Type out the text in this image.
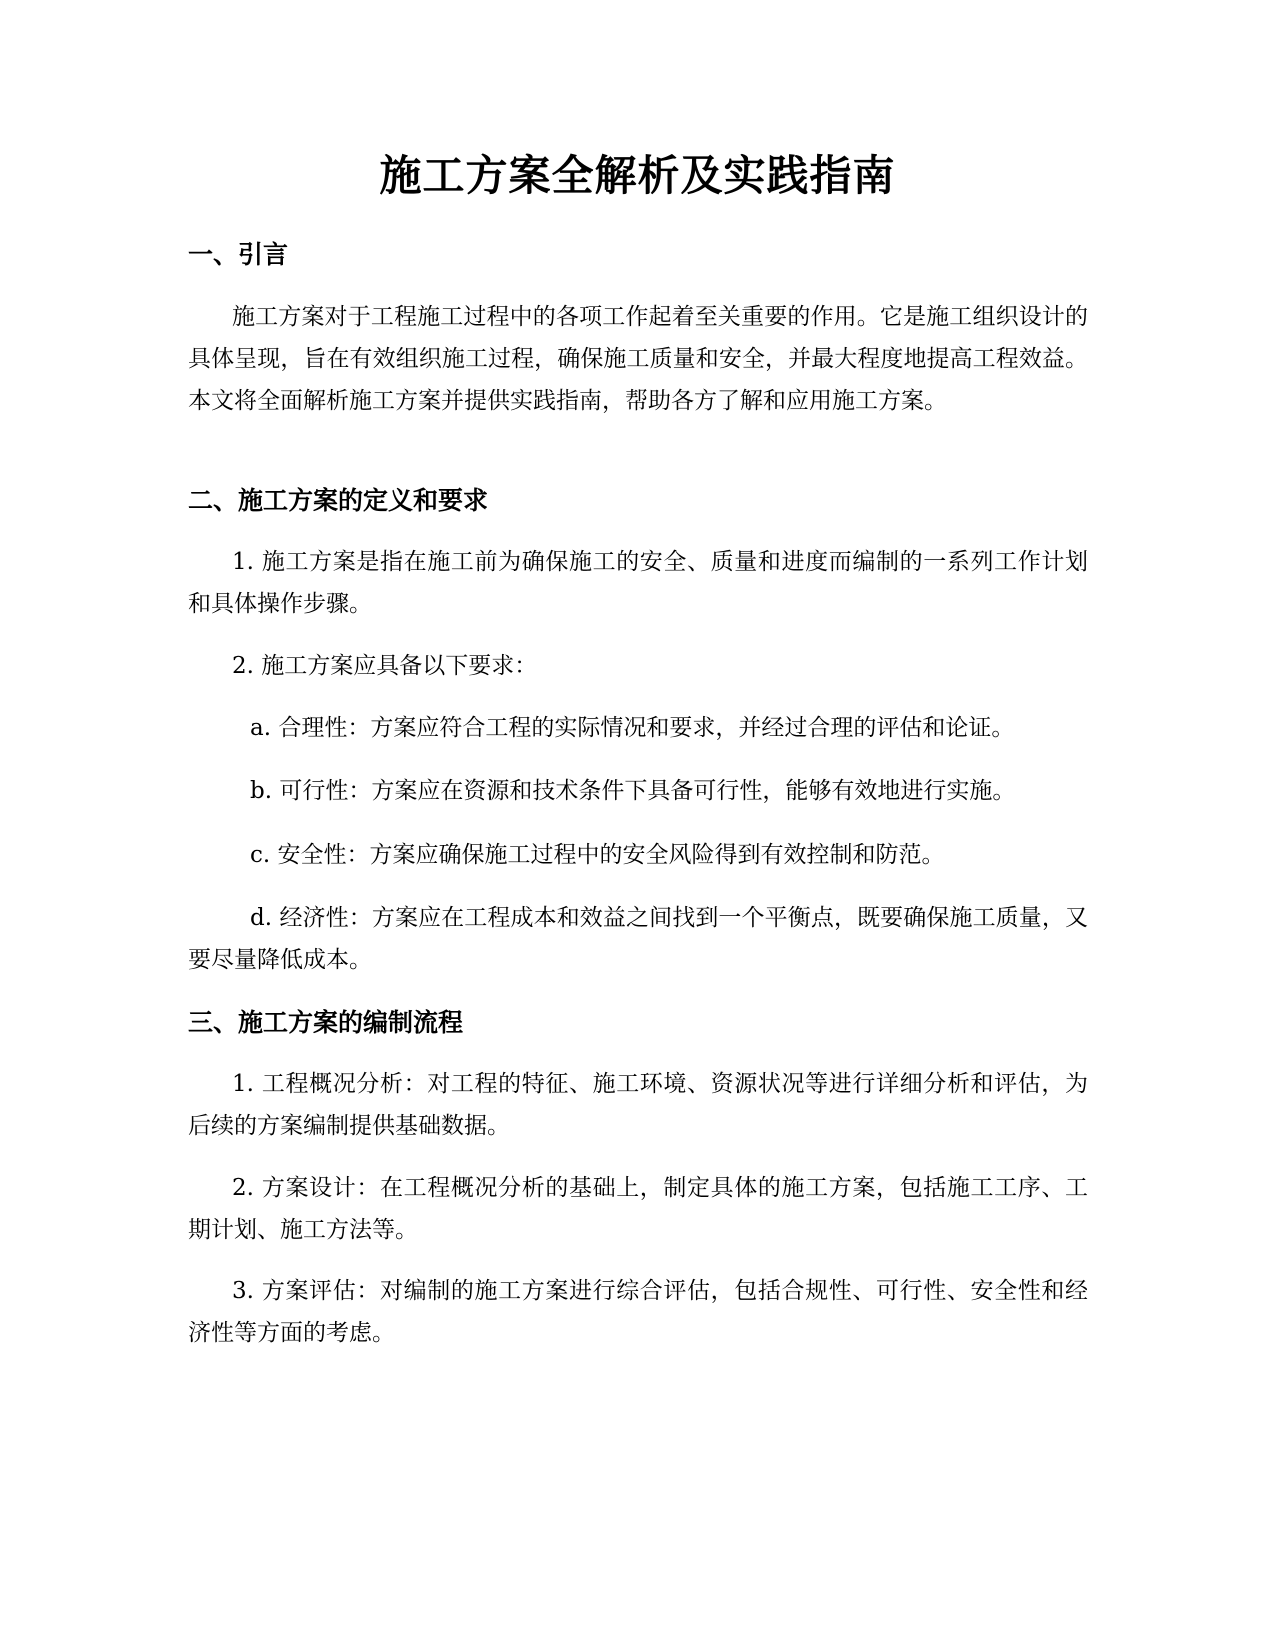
施工方案全解析及实践指南
一、引言

施工方案对于工程施工过程中的各项工作起着至关重要的作用。它是施工组织设计的具体呈现，旨在有效组织施工过程，确保施工质量和安全，并最大程度地提高工程效益。本文将全面解析施工方案并提供实践指南，帮助各方了解和应用施工方案。

二、施工方案的定义和要求

1. 施工方案是指在施工前为确保施工的安全、质量和进度而编制的一系列工作计划和具体操作步骤。

2. 施工方案应具备以下要求：

a. 合理性：方案应符合工程的实际情况和要求，并经过合理的评估和论证。

b. 可行性：方案应在资源和技术条件下具备可行性，能够有效地进行实施。

c. 安全性：方案应确保施工过程中的安全风险得到有效控制和防范。

d. 经济性：方案应在工程成本和效益之间找到一个平衡点，既要确保施工质量，又要尽量降低成本。

三、施工方案的编制流程

1. 工程概况分析：对工程的特征、施工环境、资源状况等进行详细分析和评估，为后续的方案编制提供基础数据。

2. 方案设计：在工程概况分析的基础上，制定具体的施工方案，包括施工工序、工期计划、施工方法等。

3. 方案评估：对编制的施工方案进行综合评估，包括合规性、可行性、安全性和经济性等方面的考虑。
